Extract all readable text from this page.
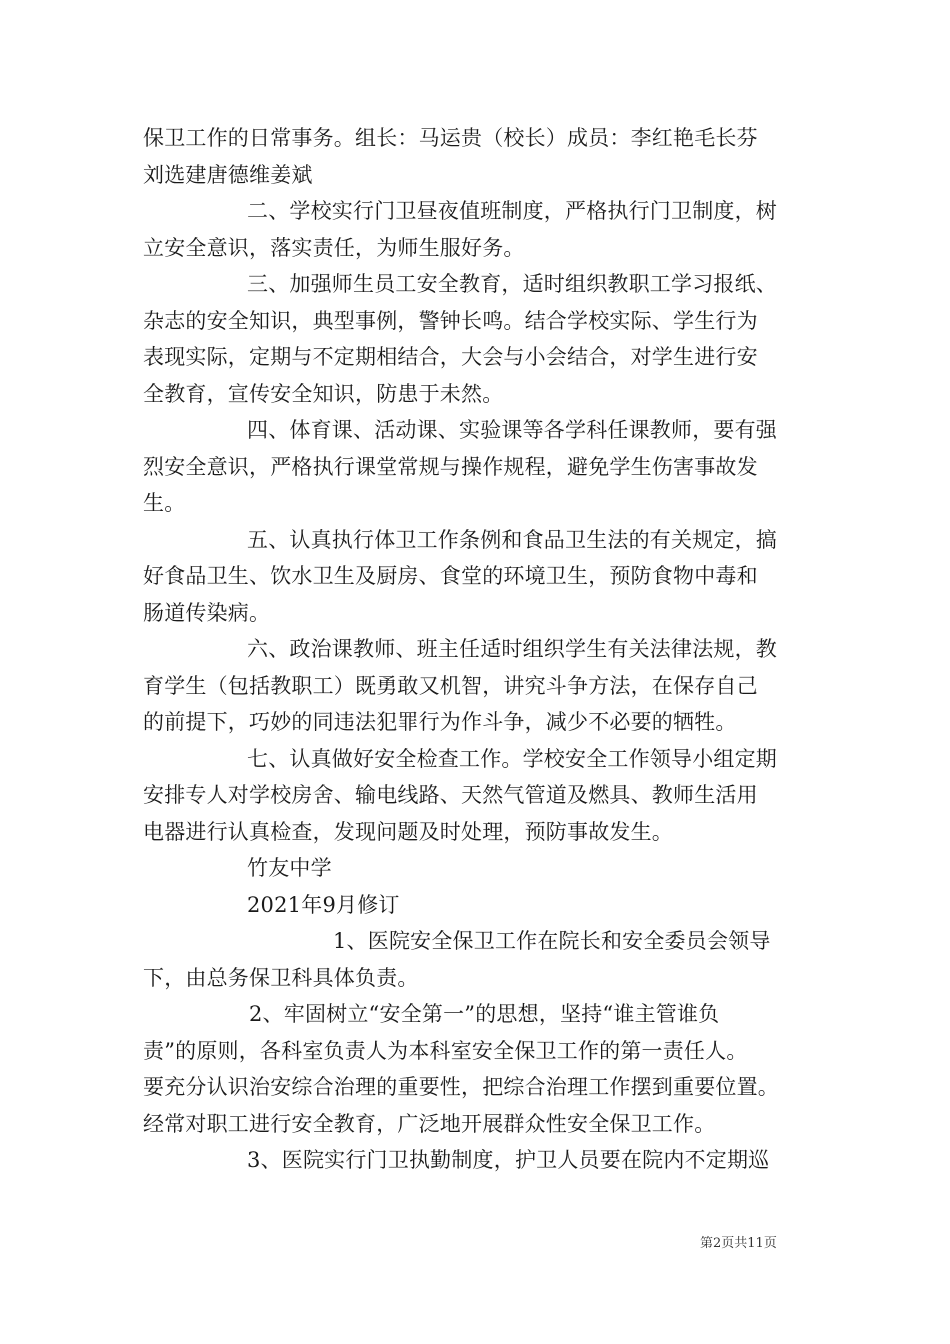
保卫工作的日常事务。组长：马运贵（校长）成员：李红艳毛长芬
刘选建唐德维姜斌
二、学校实行门卫昼夜值班制度，严格执行门卫制度，树
立安全意识，落实责任，为师生服好务。
三、加强师生员工安全教育，适时组织教职工学习报纸、
杂志的安全知识，典型事例，警钟长鸣。结合学校实际、学生行为
表现实际，定期与不定期相结合，大会与小会结合，对学生进行安
全教育，宣传安全知识，防患于未然。
四、体育课、活动课、实验课等各学科任课教师，要有强
烈安全意识，严格执行课堂常规与操作规程，避免学生伤害事故发
生。
五、认真执行体卫工作条例和食品卫生法的有关规定，搞
好食品卫生、饮水卫生及厨房、食堂的环境卫生，预防食物中毒和
肠道传染病。
六、政治课教师、班主任适时组织学生有关法律法规，教
育学生（包括教职工）既勇敢又机智，讲究斗争方法，在保存自己
的前提下，巧妙的同违法犯罪行为作斗争，减少不必要的牺牲。
七、认真做好安全检查工作。学校安全工作领导小组定期
安排专人对学校房舍、输电线路、天然气管道及燃具、教师生活用
电器进行认真检查，发现问题及时处理，预防事故发生。
竹友中学
2021年9月修订
1、医院安全保卫工作在院长和安全委员会领导
下，由总务保卫科具体负责。
2、牢固树立“安全第一”的思想，坚持“谁主管谁负
责”的原则，各科室负责人为本科室安全保卫工作的第一责任人。
要充分认识治安综合治理的重要性，把综合治理工作摆到重要位置。
经常对职工进行安全教育，广泛地开展群众性安全保卫工作。
3、医院实行门卫执勤制度，护卫人员要在院内不定期巡
第2页共11页
